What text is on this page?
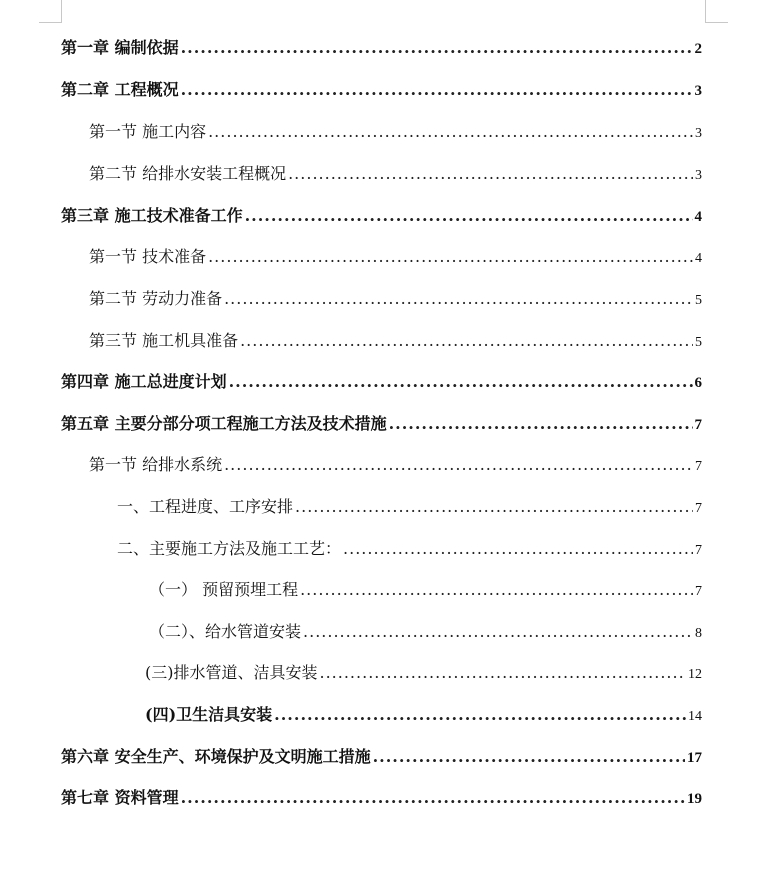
第一章 编制依据 .....	2
第二章 工程概况 .....	3
第一节 施工内容 .....	3
第二节 给排水安装工程概况 .....	3
第三章 施工技术准备工作 .....	4
第一节 技术准备 .....	4
第二节 劳动力准备 .....	5
第三节 施工机具准备 .....	5
第四章 施工总进度计划 .....	6
第五章 主要分部分项工程施工方法及技术措施 .....	7
第一节 给排水系统 .....	7
一、工程进度、工序安排 .....	7
二、主要施工方法及施工工艺： .....	7
（一） 预留预埋工程 .....	7
（二）、给水管道安装 .....	8
(三)排水管道、洁具安装 .....	12
(四)卫生洁具安装 .....	14
第六章 安全生产、环境保护及文明施工措施 .....	17
第七章 资料管理 .....	19
